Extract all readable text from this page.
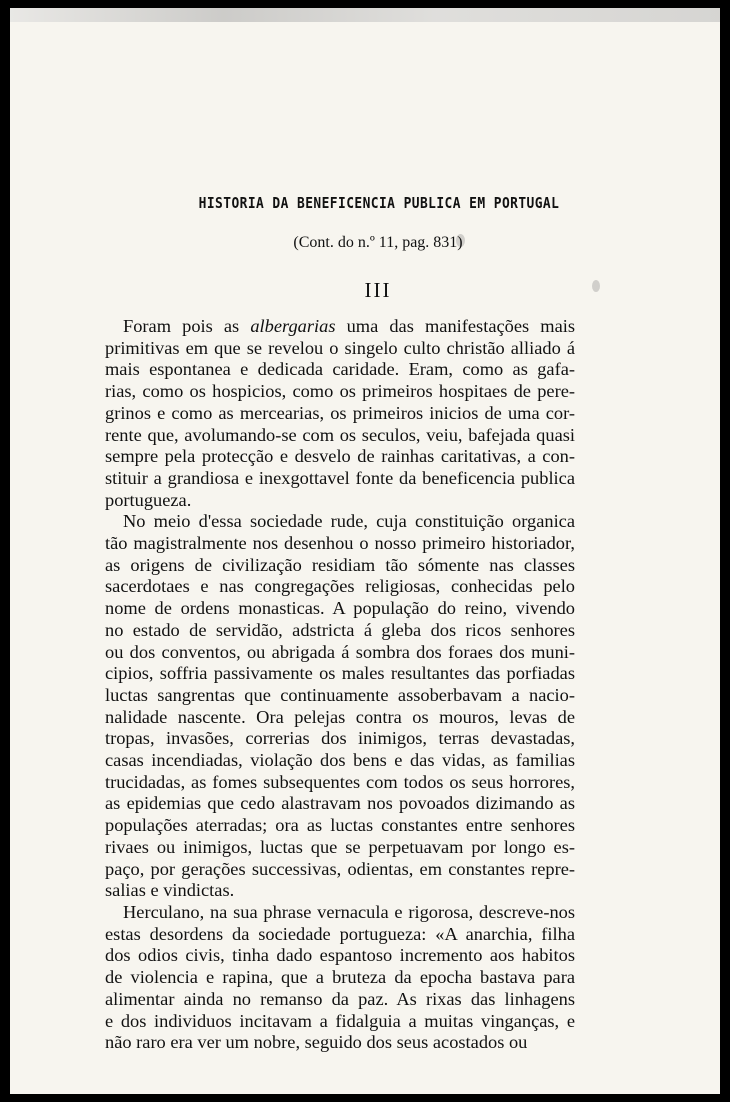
HISTORIA DA BENEFICENCIA PUBLICA EM PORTUGAL
(Cont. do n.º 11, pag. 831)
III
Foram pois as albergarias uma das manifestações mais
primitivas em que se revelou o singelo culto christão alliado á
mais espontanea e dedicada caridade. Eram, como as gafa-
rias, como os hospicios, como os primeiros hospitaes de pere-
grinos e como as mercearias, os primeiros inicios de uma cor-
rente que, avolumando-se com os seculos, veiu, bafejada quasi
sempre pela protecção e desvelo de rainhas caritativas, a con-
stituir a grandiosa e inexgottavel fonte da beneficencia publica
portugueza.
No meio d'essa sociedade rude, cuja constituição organica
tão magistralmente nos desenhou o nosso primeiro historiador,
as origens de civilização residiam tão sómente nas classes
sacerdotaes e nas congregações religiosas, conhecidas pelo
nome de ordens monasticas. A população do reino, vivendo
no estado de servidão, adstricta á gleba dos ricos senhores
ou dos conventos, ou abrigada á sombra dos foraes dos muni-
cipios, soffria passivamente os males resultantes das porfiadas
luctas sangrentas que continuamente assoberbavam a nacio-
nalidade nascente. Ora pelejas contra os mouros, levas de
tropas, invasões, correrias dos inimigos, terras devastadas,
casas incendiadas, violação dos bens e das vidas, as familias
trucidadas, as fomes subsequentes com todos os seus horrores,
as epidemias que cedo alastravam nos povoados dizimando as
populações aterradas; ora as luctas constantes entre senhores
rivaes ou inimigos, luctas que se perpetuavam por longo es-
paço, por gerações successivas, odientas, em constantes repre-
salias e vindictas.
Herculano, na sua phrase vernacula e rigorosa, descreve-nos
estas desordens da sociedade portugueza: «A anarchia, filha
dos odios civis, tinha dado espantoso incremento aos habitos
de violencia e rapina, que a bruteza da epocha bastava para
alimentar ainda no remanso da paz. As rixas das linhagens
e dos individuos incitavam a fidalguia a muitas vinganças, e
não raro era ver um nobre, seguido dos seus acostados ou
